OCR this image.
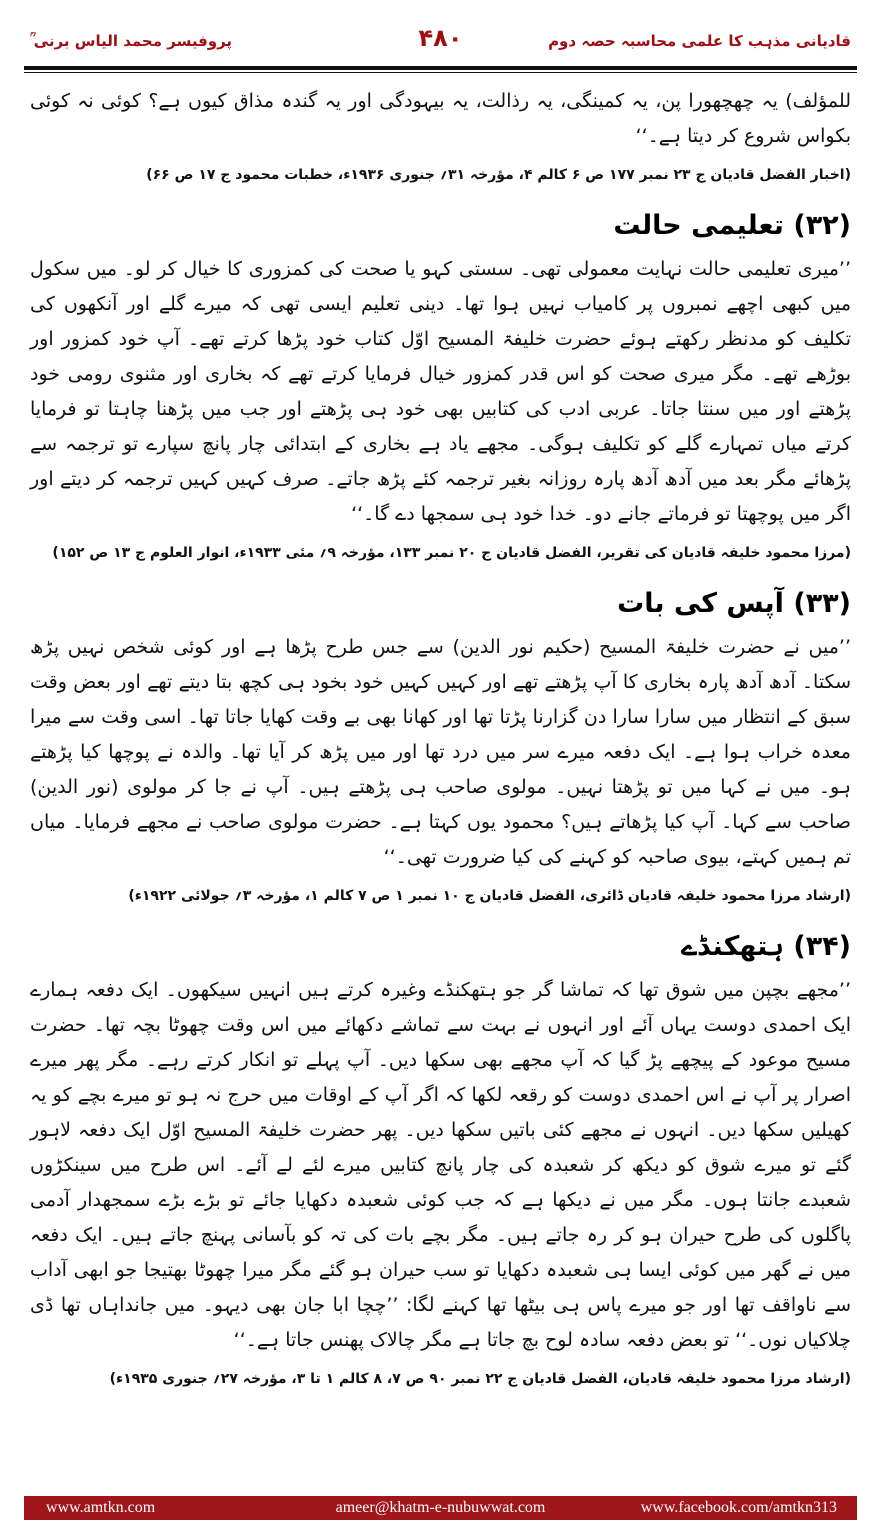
قادیانی مذہب کا علمی محاسبہ حصہ دوم
۴۸۰
پروفیسر محمد الیاس برنی ؒ

للمؤلف) یہ چھچھورا پن، یہ کمینگی، یہ رذالت، یہ بیہودگی اور یہ گندہ مذاق کیوں ہے؟ کوئی نہ کوئی بکواس شروع کر دیتا ہے۔‘‘

(اخبار الفضل قادیان ج ۲۳ نمبر ۱۷۷ ص ۶ کالم ۴، مؤرخہ ۳۱؍ جنوری ۱۹۳۶ء، خطبات محمود ج ۱۷ ص ۶۶)

(۳۲) تعلیمی حالت

’’میری تعلیمی حالت نہایت معمولی تھی۔ سستی کہو یا صحت کی کمزوری کا خیال کر لو۔ میں سکول میں کبھی اچھے نمبروں پر کامیاب نہیں ہوا تھا۔ دینی تعلیم ایسی تھی کہ میرے گلے اور آنکھوں کی تکلیف کو مدنظر رکھتے ہوئے حضرت خلیفۃ المسیح اوّل کتاب خود پڑھا کرتے تھے۔ آپ خود کمزور اور بوڑھے تھے۔ مگر میری صحت کو اس قدر کمزور خیال فرمایا کرتے تھے کہ بخاری اور مثنوی رومی خود پڑھتے اور میں سنتا جاتا۔ عربی ادب کی کتابیں بھی خود ہی پڑھتے اور جب میں پڑھنا چاہتا تو فرمایا کرتے میاں تمہارے گلے کو تکلیف ہوگی۔ مجھے یاد ہے بخاری کے ابتدائی چار پانچ سپارے تو ترجمہ سے پڑھائے مگر بعد میں آدھ آدھ پارہ روزانہ بغیر ترجمہ کئے پڑھ جاتے۔ صرف کہیں کہیں ترجمہ کر دیتے اور اگر میں پوچھتا تو فرماتے جانے دو۔ خدا خود ہی سمجھا دے گا۔‘‘

(مرزا محمود خلیفہ قادیان کی تقریر، الفضل قادیان ج ۲۰ نمبر ۱۳۳، مؤرخہ ۹؍ مئی ۱۹۳۳ء، انوار العلوم ج ۱۳ ص ۱۵۲)

(۳۳) آپس کی بات

’’میں نے حضرت خلیفۃ المسیح (حکیم نور الدین) سے جس طرح پڑھا ہے اور کوئی شخص نہیں پڑھ سکتا۔ آدھ آدھ پارہ بخاری کا آپ پڑھتے تھے اور کہیں کہیں خود بخود ہی کچھ بتا دیتے تھے اور بعض وقت سبق کے انتظار میں سارا سارا دن گزارنا پڑتا تھا اور کھانا بھی بے وقت کھایا جاتا تھا۔ اسی وقت سے میرا معدہ خراب ہوا ہے۔ ایک دفعہ میرے سر میں درد تھا اور میں پڑھ کر آیا تھا۔ والدہ نے پوچھا کیا پڑھتے ہو۔ میں نے کہا میں تو پڑھتا نہیں۔ مولوی صاحب ہی پڑھتے ہیں۔ آپ نے جا کر مولوی (نور الدین) صاحب سے کہا۔ آپ کیا پڑھاتے ہیں؟ محمود یوں کہتا ہے۔ حضرت مولوی صاحب نے مجھے فرمایا۔ میاں تم ہمیں کہتے، بیوی صاحبہ کو کہنے کی کیا ضرورت تھی۔‘‘

(ارشاد مرزا محمود خلیفہ قادیان ڈائری، الفضل قادیان ج ۱۰ نمبر ۱ ص ۷ کالم ۱، مؤرخہ ۳؍ جولائی ۱۹۲۲ء)

(۳۴) ہتھکنڈے

’’مجھے بچپن میں شوق تھا کہ تماشا گر جو ہتھکنڈے وغیرہ کرتے ہیں انہیں سیکھوں۔ ایک دفعہ ہمارے ایک احمدی دوست یہاں آئے اور انہوں نے بہت سے تماشے دکھائے میں اس وقت چھوٹا بچہ تھا۔ حضرت مسیح موعود کے پیچھے پڑ گیا کہ آپ مجھے بھی سکھا دیں۔ آپ پہلے تو انکار کرتے رہے۔ مگر پھر میرے اصرار پر آپ نے اس احمدی دوست کو رقعہ لکھا کہ اگر آپ کے اوقات میں حرج نہ ہو تو میرے بچے کو یہ کھیلیں سکھا دیں۔ انہوں نے مجھے کئی باتیں سکھا دیں۔ پھر حضرت خلیفۃ المسیح اوّل ایک دفعہ لاہور گئے تو میرے شوق کو دیکھ کر شعبدہ کی چار پانچ کتابیں میرے لئے لے آئے۔ اس طرح میں سینکڑوں شعبدے جانتا ہوں۔ مگر میں نے دیکھا ہے کہ جب کوئی شعبدہ دکھایا جائے تو بڑے بڑے سمجھدار آدمی پاگلوں کی طرح حیران ہو کر رہ جاتے ہیں۔ مگر بچے بات کی تہ کو بآسانی پہنچ جاتے ہیں۔ ایک دفعہ میں نے گھر میں کوئی ایسا ہی شعبدہ دکھایا تو سب حیران ہو گئے مگر میرا چھوٹا بھتیجا جو ابھی آداب سے ناواقف تھا اور جو میرے پاس ہی بیٹھا تھا کہنے لگا: ’’چچا ابا جان بھی دیہو۔ میں جانداہاں تھا ڈی چلاکیاں نوں۔‘‘ تو بعض دفعہ سادہ لوح بچ جاتا ہے مگر چالاک پھنس جاتا ہے۔‘‘

(ارشاد مرزا محمود خلیفہ قادیان، الفضل قادیان ج ۲۲ نمبر ۹۰ ص ۷، ۸ کالم ۱ تا ۳، مؤرخہ ۲۷؍ جنوری ۱۹۳۵ء)

www.amtkn.com	ameer@khatm-e-nubuwwat.com	www.facebook.com/amtkn313
